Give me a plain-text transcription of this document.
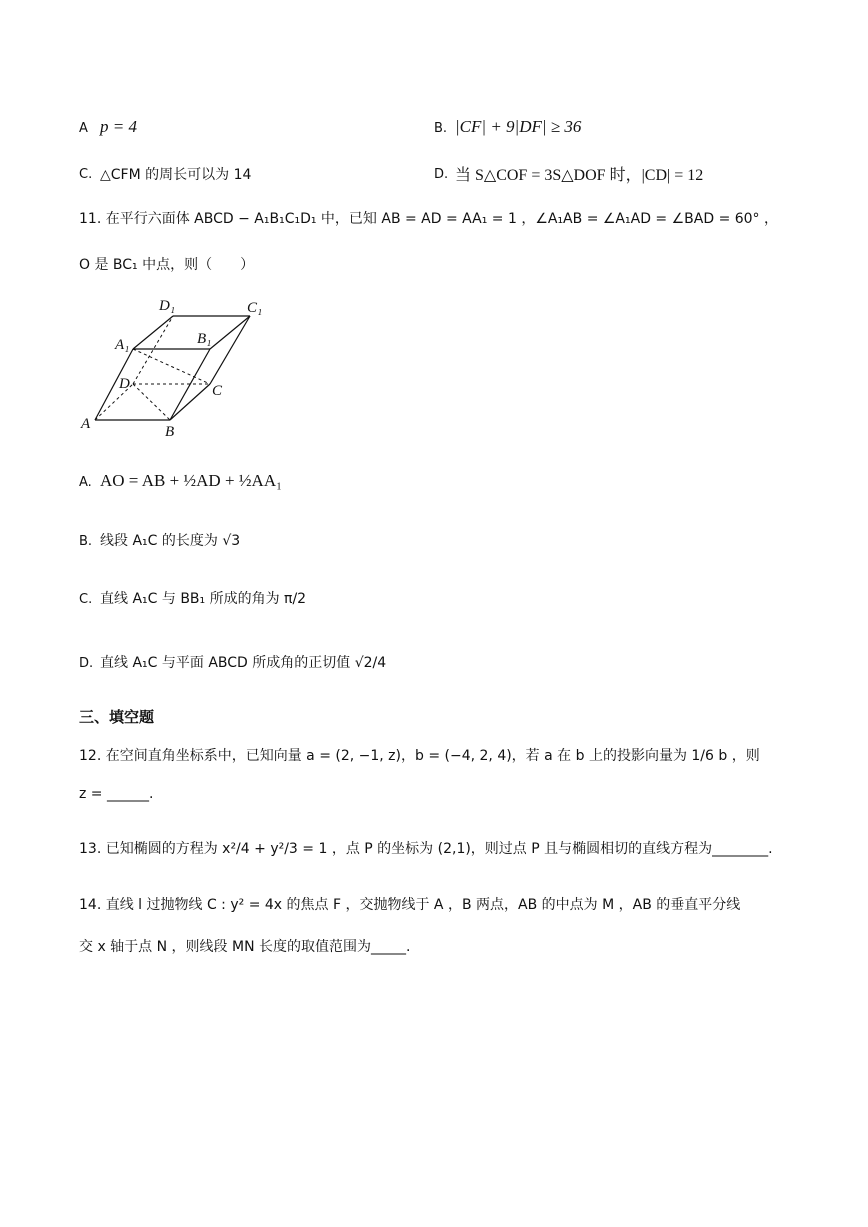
A p = 4	B. |CF| + 9|DF| ≥ 36
C. △CFM 的周长可以为 14	D. 当 S△COF = 3S△DOF 时，|CD| = 12
11. 在平行六面体 ABCD − A₁B₁C₁D₁ 中，已知 AB = AD = AA₁ = 1 ，∠A₁AB = ∠A₁AD = ∠BAD = 60° ，
O 是 BC₁ 中点，则（　　）
D₁	C₁
A₁	B₁
D	C
A	B
A. AO = AB + ½AD + ½AA₁
B. 线段 A₁C 的长度为 √3
C. 直线 A₁C 与 BB₁ 所成的角为 π/2
D. 直线 A₁C 与平面 ABCD 所成角的正切值 √2/4
三、填空题
12. 在空间直角坐标系中，已知向量 a = (2, −1, z)，b = (−4, 2, 4)，若 a 在 b 上的投影向量为 1/6 b ，则
z = ______.
13. 已知椭圆的方程为 x²/4 + y²/3 = 1 ，点 P 的坐标为 (2,1)，则过点 P 且与椭圆相切的直线方程为________.
14. 直线 l 过抛物线 C : y² = 4x 的焦点 F ，交抛物线于 A ，B 两点，AB 的中点为 M ，AB 的垂直平分线
交 x 轴于点 N ，则线段 MN 长度的取值范围为_____.
